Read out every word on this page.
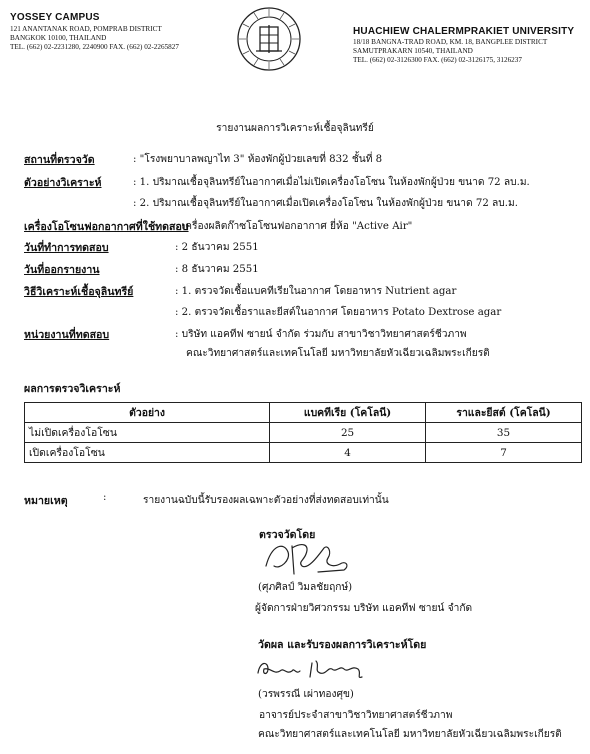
YOSSEY CAMPUS
121 ANANTANAK ROAD, POMPRAB DISTRICT
BANGKOK 10100, THAILAND
TEL. (662) 02-2231280, 2240900 FAX. (662) 02-2265827
HUACHIEW CHALERMPRAKIET UNIVERSITY
18/18 BANGNA-TRAD ROAD, KM. 18, BANGPLEE DISTRICT
SAMUTPRAKARN 10540, THAILAND
TEL. (662) 02-3126300 FAX. (662) 02-3126175, 3126237
รายงานผลการวิเคราะห์เชื้อจุลินทรีย์
สถานที่ตรวจวัด	: "โรงพยาบาลพญาไท 3" ห้องพักผู้ป่วยเลขที่ 832 ชั้นที่ 8
ตัวอย่างวิเคราะห์	: 1. ปริมาณเชื้อจุลินทรีย์ในอากาศเมื่อไม่เปิดเครื่องโอโซน ในห้องพักผู้ป่วย ขนาด 72 ลบ.ม.
: 2. ปริมาณเชื้อจุลินทรีย์ในอากาศเมื่อเปิดเครื่องโอโซน ในห้องพักผู้ป่วย ขนาด 72 ลบ.ม.
เครื่องโอโซนฟอกอากาศที่ใช้ทดสอบ
: เครื่องผลิตก๊าซโอโซนฟอกอากาศ ยี่ห้อ "Active Air"
วันที่ทำการทดสอบ	: 2 ธันวาคม 2551
วันที่ออกรายงาน	: 8 ธันวาคม 2551
วิธีวิเคราะห์เชื้อจุลินทรีย์	: 1. ตรวจวัดเชื้อแบคทีเรียในอากาศ โดยอาหาร Nutrient agar
: 2. ตรวจวัดเชื้อราและยีสต์ในอากาศ โดยอาหาร Potato Dextrose agar
หน่วยงานที่ทดสอบ	: บริษัท แอคทีฟ ซายน์ จำกัด ร่วมกับ สาขาวิชาวิทยาศาสตร์ชีวภาพ
คณะวิทยาศาสตร์และเทคโนโลยี มหาวิทยาลัยหัวเฉียวเฉลิมพระเกียรติ
ผลการตรวจวิเคราะห์
ตัวอย่าง	แบคทีเรีย (โคโลนี)	ราและยีสต์ (โคโลนี)
ไม่เปิดเครื่องโอโซน	25	35
เปิดเครื่องโอโซน	4	7
หมายเหตุ	:	รายงานฉบับนี้รับรองผลเฉพาะตัวอย่างที่ส่งทดสอบเท่านั้น
ตรวจวัดโดย
(ศุภศิลป์ วิมลชัยฤกษ์)
ผู้จัดการฝ่ายวิศวกรรม บริษัท แอคทีฟ ซายน์ จำกัด
วัดผล และรับรองผลการวิเคราะห์โดย
(วรพรรณี เผ่าทองศุข)
อาจารย์ประจำสาขาวิชาวิทยาศาสตร์ชีวภาพ
คณะวิทยาศาสตร์และเทคโนโลยี มหาวิทยาลัยหัวเฉียวเฉลิมพระเกียรติ
